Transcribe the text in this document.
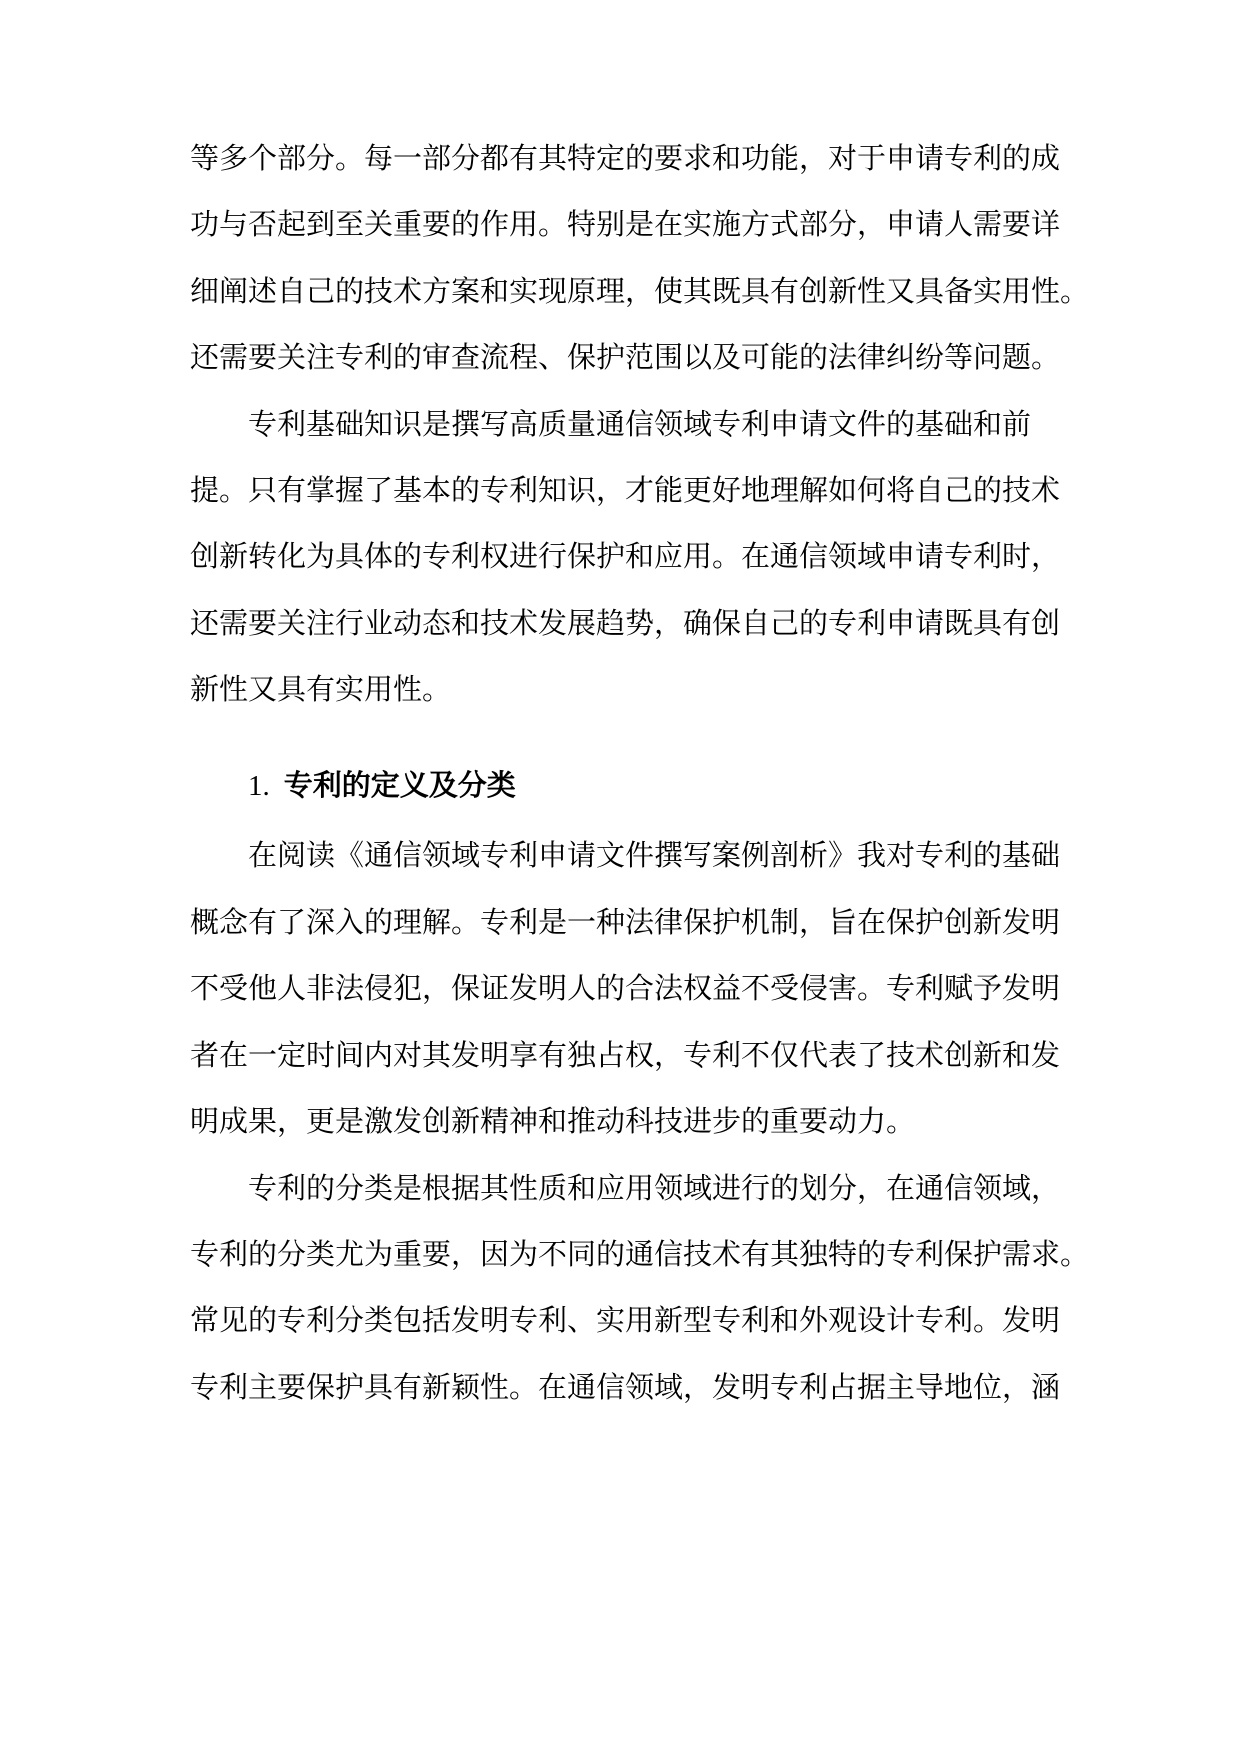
等多个部分。每一部分都有其特定的要求和功能，对于申请专利的成
功与否起到至关重要的作用。特别是在实施方式部分，申请人需要详
细阐述自己的技术方案和实现原理，使其既具有创新性又具备实用性。
还需要关注专利的审查流程、保护范围以及可能的法律纠纷等问题。
专利基础知识是撰写高质量通信领域专利申请文件的基础和前
提。只有掌握了基本的专利知识，才能更好地理解如何将自己的技术
创新转化为具体的专利权进行保护和应用。在通信领域申请专利时，
还需要关注行业动态和技术发展趋势，确保自己的专利申请既具有创
新性又具有实用性。
1. 专利的定义及分类
在阅读《通信领域专利申请文件撰写案例剖析》我对专利的基础
概念有了深入的理解。专利是一种法律保护机制，旨在保护创新发明
不受他人非法侵犯，保证发明人的合法权益不受侵害。专利赋予发明
者在一定时间内对其发明享有独占权，专利不仅代表了技术创新和发
明成果，更是激发创新精神和推动科技进步的重要动力。
专利的分类是根据其性质和应用领域进行的划分，在通信领域，
专利的分类尤为重要，因为不同的通信技术有其独特的专利保护需求。
常见的专利分类包括发明专利、实用新型专利和外观设计专利。发明
专利主要保护具有新颖性。在通信领域，发明专利占据主导地位，涵
